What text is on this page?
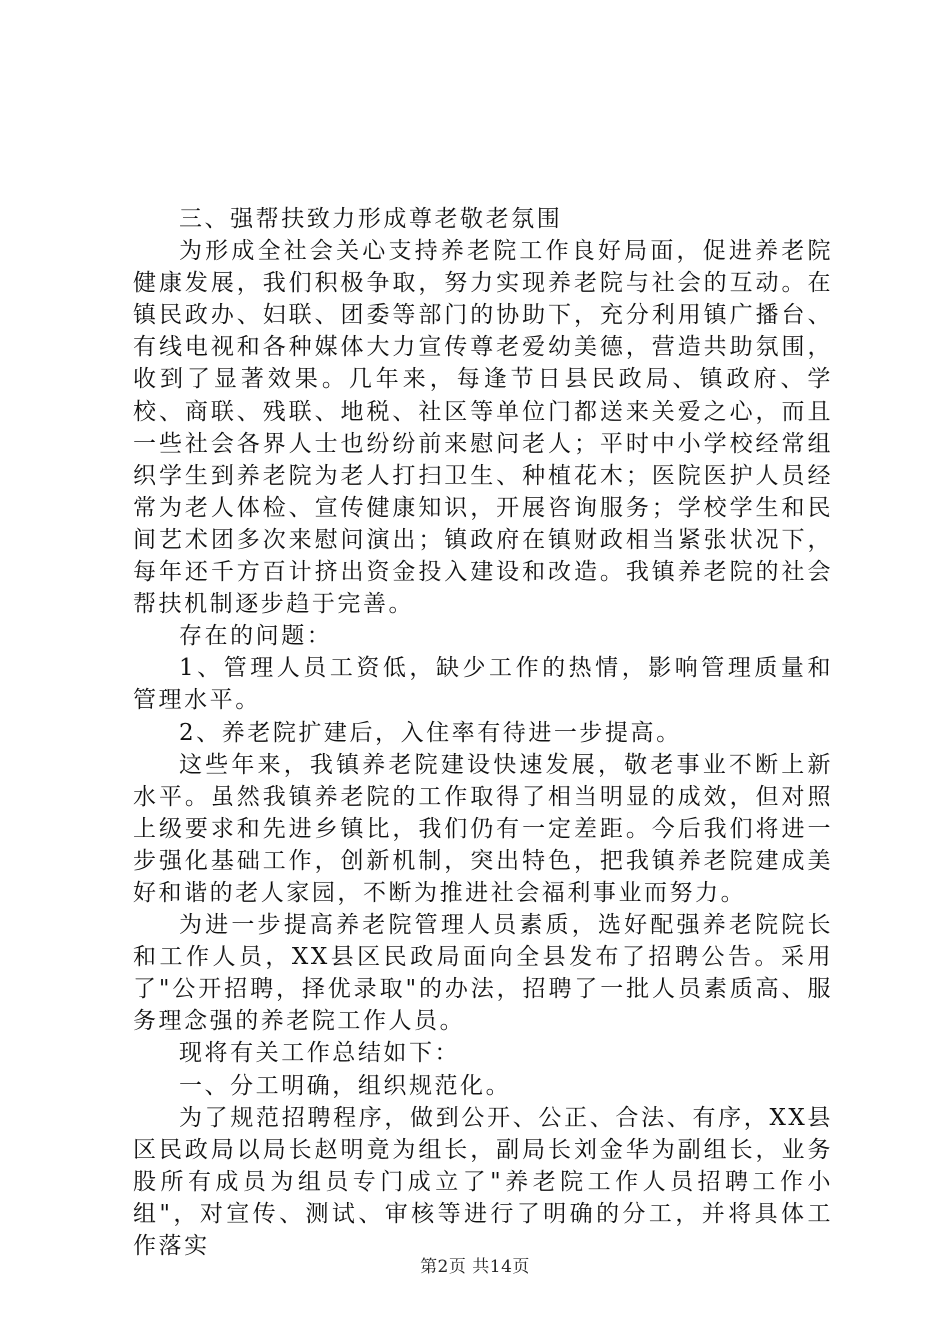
三、强帮扶致力形成尊老敬老氛围

为形成全社会关心支持养老院工作良好局面，促进养老院健康发展，我们积极争取，努力实现养老院与社会的互动。在镇民政办、妇联、团委等部门的协助下，充分利用镇广播台、有线电视和各种媒体大力宣传尊老爱幼美德，营造共助氛围，收到了显著效果。几年来，每逢节日县民政局、镇政府、学校、商联、残联、地税、社区等单位门都送来关爱之心，而且一些社会各界人士也纷纷前来慰问老人；平时中小学校经常组织学生到养老院为老人打扫卫生、种植花木；医院医护人员经常为老人体检、宣传健康知识，开展咨询服务；学校学生和民间艺术团多次来慰问演出；镇政府在镇财政相当紧张状况下，每年还千方百计挤出资金投入建设和改造。我镇养老院的社会帮扶机制逐步趋于完善。

存在的问题：

1、管理人员工资低，缺少工作的热情，影响管理质量和管理水平。

2、养老院扩建后，入住率有待进一步提高。

这些年来，我镇养老院建设快速发展，敬老事业不断上新水平。虽然我镇养老院的工作取得了相当明显的成效，但对照上级要求和先进乡镇比，我们仍有一定差距。今后我们将进一步强化基础工作，创新机制，突出特色，把我镇养老院建成美好和谐的老人家园，不断为推进社会福利事业而努力。

为进一步提高养老院管理人员素质，选好配强养老院院长和工作人员，XX县区民政局面向全县发布了招聘公告。采用了"公开招聘，择优录取"的办法，招聘了一批人员素质高、服务理念强的养老院工作人员。

现将有关工作总结如下：

一、分工明确，组织规范化。

为了规范招聘程序，做到公开、公正、合法、有序，XX县区民政局以局长赵明竟为组长，副局长刘金华为副组长，业务股所有成员为组员专门成立了"养老院工作人员招聘工作小组"，对宣传、测试、审核等进行了明确的分工，并将具体工作落实

第2页 共14页
